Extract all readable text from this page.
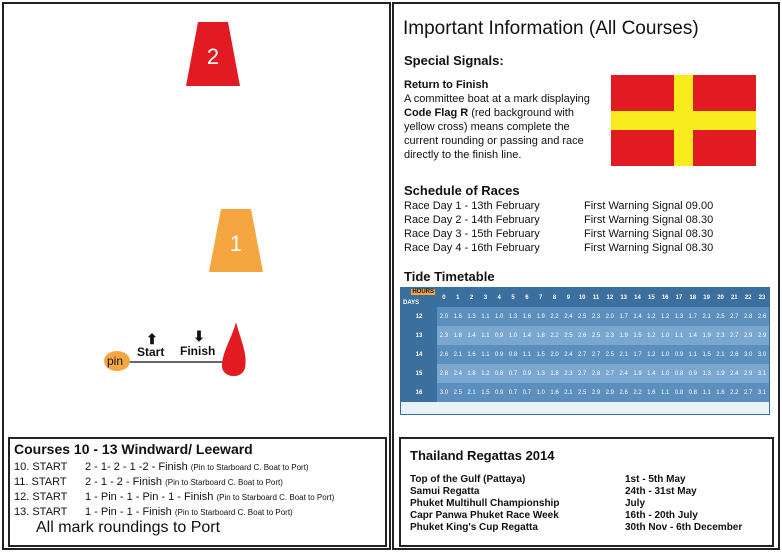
2
1
pin
⬆
Start
⬇
Finish
Courses 10 - 13 Windward/ Leeward
10. START 2 - 1- 2 - 1 -2 - Finish (Pin to Starboard C. Boat to Port)
11. START 2 - 1 - 2 - Finish (Pin to Starboard C. Boat to Port)
12. START 1 - Pin - 1 - Pin - 1 - Finish (Pin to Starboard C. Boat to Port)
13. START 1 - Pin - 1 - Finish (Pin to Starboard C. Boat to Port)
All mark roundings to Port
Important Information (All Courses)
Special Signals:
Return to Finish
A committee boat at a mark displaying Code Flag R (red background with yellow cross) means complete the current rounding or passing and race directly to the finish line.
Schedule of Races
Race Day 1 - 13th February	First Warning Signal 09.00
Race Day 2 - 14th February	First Warning Signal 08.30
Race Day 3 - 15th February	First Warning Signal 08.30
Race Day 4 - 16th February	First Warning Signal 08.30
Tide Timetable
HOURS
DAYS	0	1	2	3	4	5	6	7	8	9	10	11	12	13	14	15	16	17	18	19	20	21	22	23
12	2.0	1.6	1.3	1.1	1.0	1.3	1.6	1.9	2.2	2.4	2.5	2.3	2.0	1.7	1.4	1.2	1.2	1.3	1.7	2.1	2.5	2.7	2.8	2.6
13	2.3	1.8	1.4	1.1	0.9	1.0	1.4	1.8	2.2	2.5	2.6	2.5	2.3	1.9	1.5	1.2	1.0	1.1	1.4	1.9	2.3	2.7	2.9	2.9
14	2.6	2.1	1.6	1.1	0.9	0.8	1.1	1.5	2.0	2.4	2.7	2.7	2.5	2.1	1.7	1.2	1.0	0.9	1.1	1.5	2.1	2.6	3.0	3.0
15	2.8	2.4	1.8	1.2	0.8	0.7	0.9	1.3	1.8	2.3	2.7	2.8	2.7	2.4	1.9	1.4	1.0	0.8	0.9	1.3	1.9	2.4	2.9	3.1
16	3.0	2.5	2.1	1.5	0.9	0.7	0.7	1.0	1.6	2.1	2.5	2.9	2.9	2.6	2.2	1.6	1.1	0.8	0.8	1.1	1.6	2.2	2.7	3.1
Thailand Regattas 2014
Top of the Gulf (Pattaya)	1st - 5th May
Samui Regatta	24th - 31st May
Phuket Multihull Championship	July
Capr Panwa Phuket Race Week	16th - 20th July
Phuket King's Cup Regatta	30th Nov - 6th December
